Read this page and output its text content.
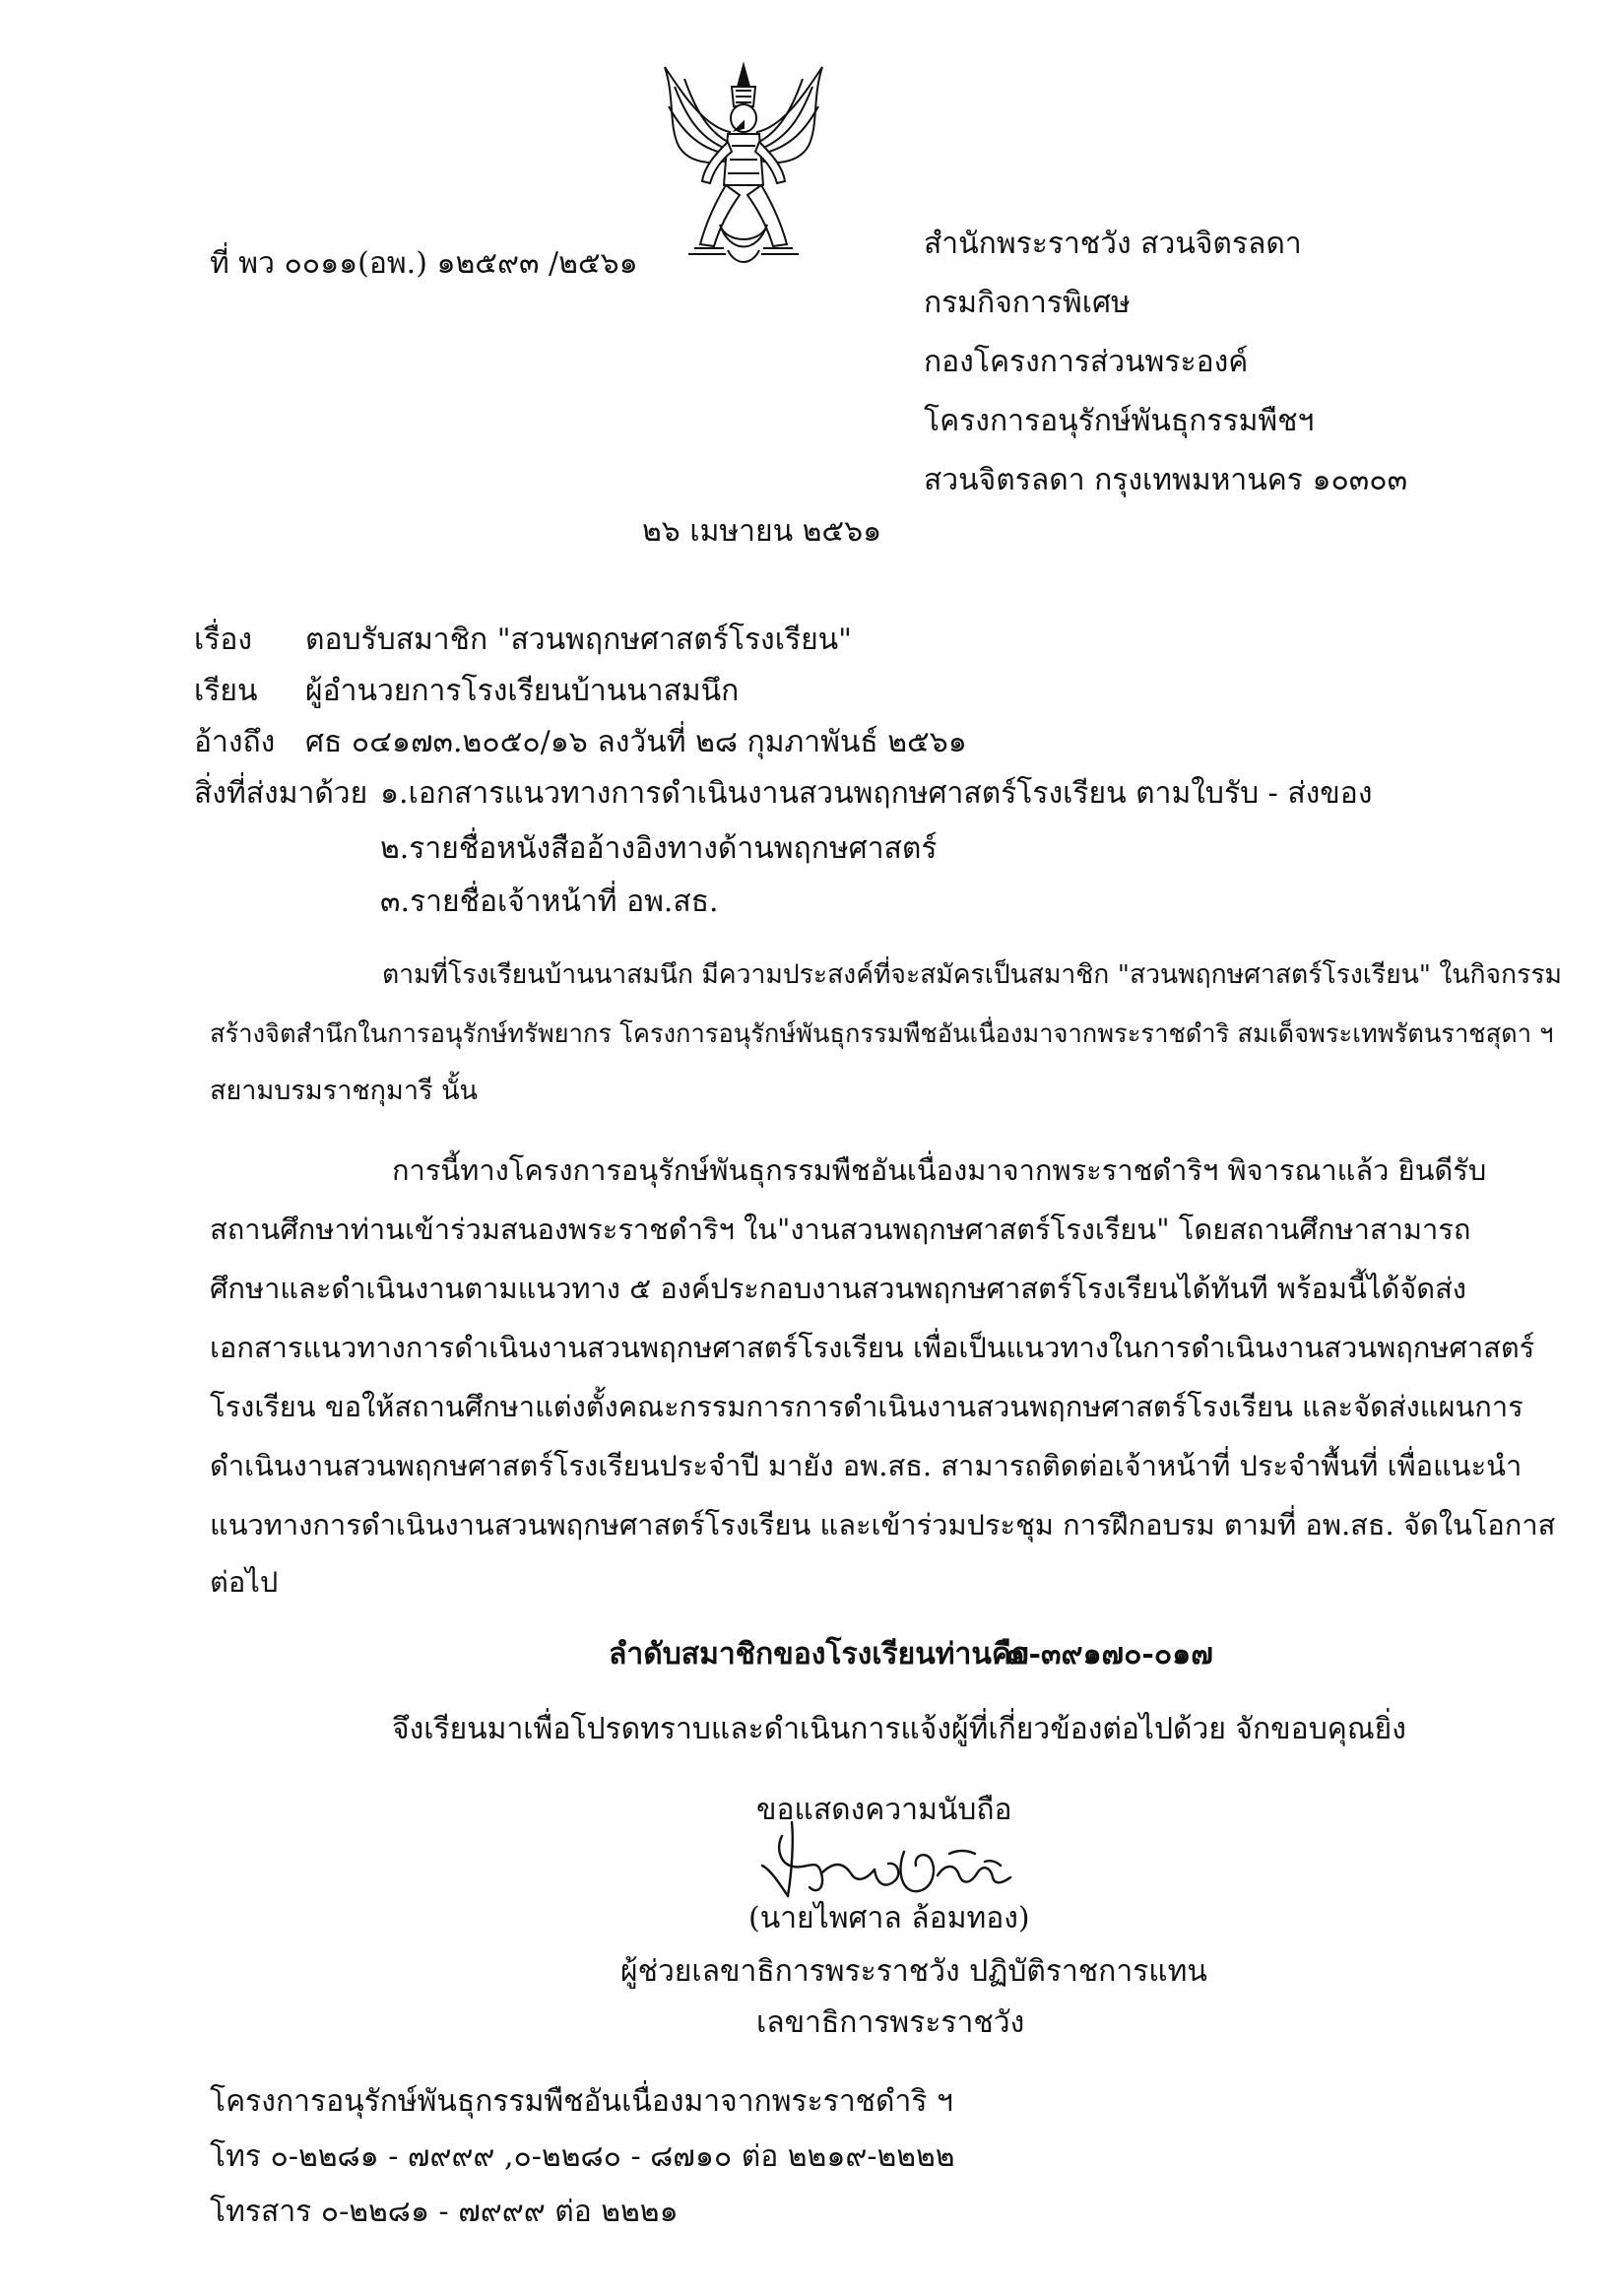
ที่ พว ๐๐๑๑(อพ.) ๑๒๕๙๓ /๒๕๖๑
สำนักพระราชวัง สวนจิตรลดา
กรมกิจการพิเศษ
กองโครงการส่วนพระองค์
โครงการอนุรักษ์พันธุกรรมพืชฯ
สวนจิตรลดา กรุงเทพมหานคร ๑๐๓๐๓
๒๖ เมษายน ๒๕๖๑
เรื่อง ตอบรับสมาชิก "สวนพฤกษศาสตร์โรงเรียน"
เรียน ผู้อำนวยการโรงเรียนบ้านนาสมนึก
อ้างถึง ศธ ๐๔๑๗๓.๒๐๕๐/๑๖ ลงวันที่ ๒๘ กุมภาพันธ์ ๒๕๖๑
สิ่งที่ส่งมาด้วย ๑.เอกสารแนวทางการดำเนินงานสวนพฤกษศาสตร์โรงเรียน ตามใบรับ - ส่งของ
๒.รายชื่อหนังสืออ้างอิงทางด้านพฤกษศาสตร์
๓.รายชื่อเจ้าหน้าที่ อพ.สธ.
ตามที่โรงเรียนบ้านนาสมนึก มีความประสงค์ที่จะสมัครเป็นสมาชิก "สวนพฤกษศาสตร์โรงเรียน" ในกิจกรรม
สร้างจิตสำนึกในการอนุรักษ์ทรัพยากร โครงการอนุรักษ์พันธุกรรมพืชอันเนื่องมาจากพระราชดำริ สมเด็จพระเทพรัตนราชสุดา ฯ
สยามบรมราชกุมารี นั้น
การนี้ทางโครงการอนุรักษ์พันธุกรรมพืชอันเนื่องมาจากพระราชดำริฯ พิจารณาแล้ว ยินดีรับ
สถานศึกษาท่านเข้าร่วมสนองพระราชดำริฯ ใน"งานสวนพฤกษศาสตร์โรงเรียน" โดยสถานศึกษาสามารถ
ศึกษาและดำเนินงานตามแนวทาง ๕ องค์ประกอบงานสวนพฤกษศาสตร์โรงเรียนได้ทันที พร้อมนี้ได้จัดส่ง
เอกสารแนวทางการดำเนินงานสวนพฤกษศาสตร์โรงเรียน เพื่อเป็นแนวทางในการดำเนินงานสวนพฤกษศาสตร์
โรงเรียน ขอให้สถานศึกษาแต่งตั้งคณะกรรมการการดำเนินงานสวนพฤกษศาสตร์โรงเรียน และจัดส่งแผนการ
ดำเนินงานสวนพฤกษศาสตร์โรงเรียนประจำปี มายัง อพ.สธ. สามารถติดต่อเจ้าหน้าที่ ประจำพื้นที่ เพื่อแนะนำ
แนวทางการดำเนินงานสวนพฤกษศาสตร์โรงเรียน และเข้าร่วมประชุม การฝึกอบรม ตามที่ อพ.สธ. จัดในโอกาส
ต่อไป
ลำดับสมาชิกของโรงเรียนท่านคือ
๗-๓๙๑๗๐-๐๑๗
จึงเรียนมาเพื่อโปรดทราบและดำเนินการแจ้งผู้ที่เกี่ยวข้องต่อไปด้วย จักขอบคุณยิ่ง
ขอแสดงความนับถือ
(นายไพศาล ล้อมทอง)
ผู้ช่วยเลขาธิการพระราชวัง ปฏิบัติราชการแทน
เลขาธิการพระราชวัง
โครงการอนุรักษ์พันธุกรรมพืชอันเนื่องมาจากพระราชดำริ ฯ
โทร ๐-๒๒๘๑ - ๗๙๙๙ ,๐-๒๒๘๐ - ๘๗๑๐ ต่อ ๒๒๑๙-๒๒๒๒
โทรสาร ๐-๒๒๘๑ - ๗๙๙๙ ต่อ ๒๒๒๑
